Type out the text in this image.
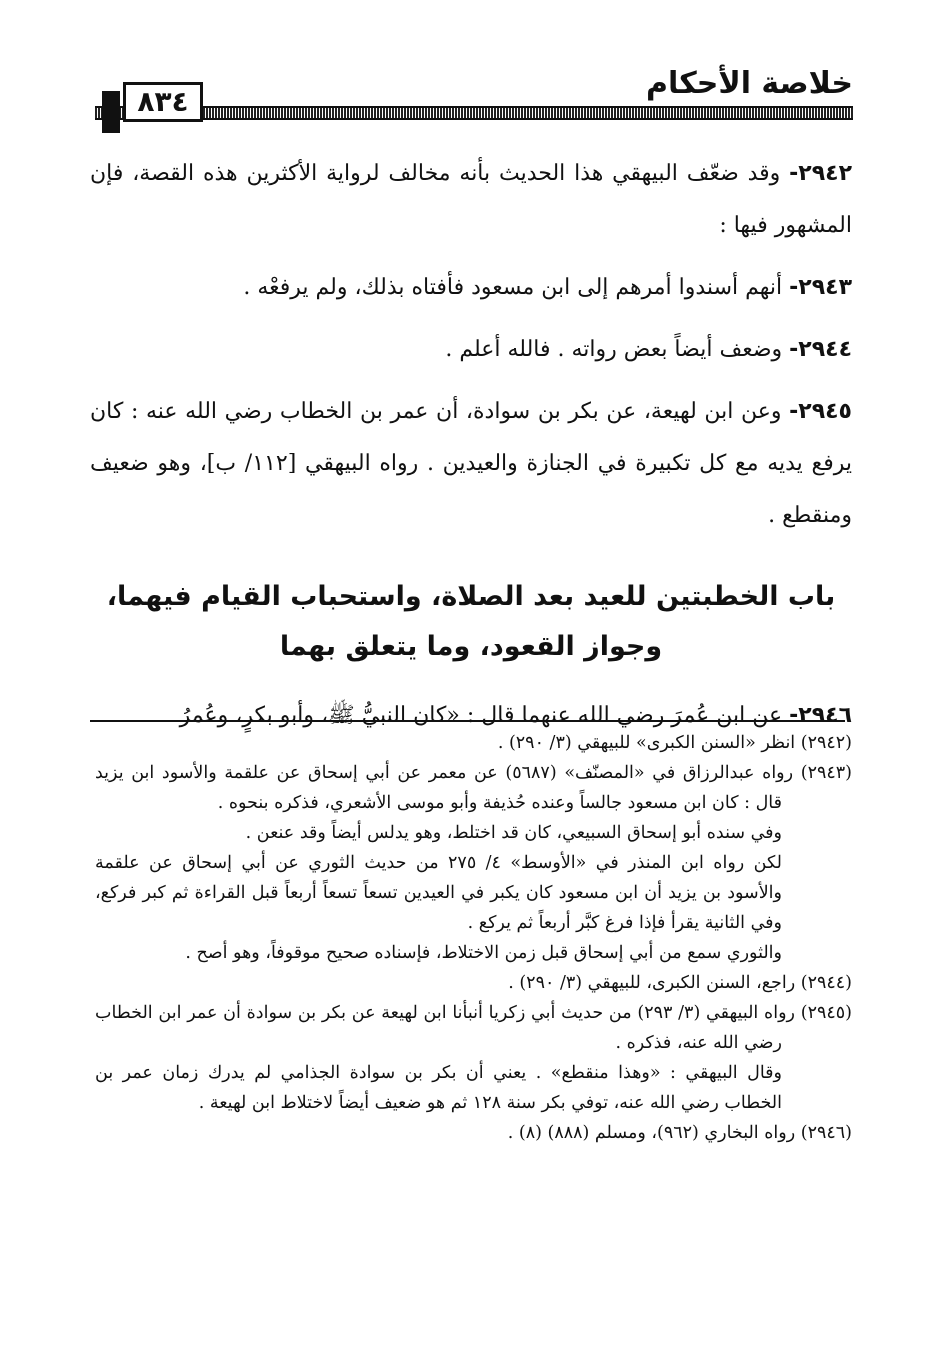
خلاصة الأحكام
٨٣٤

٢٩٤٢- وقد ضعّف البيهقي هذا الحديث بأنه مخالف لرواية الأكثرين هذه القصة، فإن المشهور فيها :

٢٩٤٣- أنهم أسندوا أمرهم إلى ابن مسعود فأفتاه بذلك، ولم يرفعْه .

٢٩٤٤- وضعف أيضاً بعض رواته . فالله أعلم .

٢٩٤٥- وعن ابن لهيعة، عن بكر بن سوادة، أن عمر بن الخطاب رضي الله عنه : كان يرفع يديه مع كل تكبيرة في الجنازة والعيدين . رواه البيهقي [١١٢/ ب]، وهو ضعيف ومنقطع .

باب الخطبتين للعيد بعد الصلاة، واستحباب القيام فيهما،
وجواز القعود، وما يتعلق بهما

٢٩٤٦- عن ابن عُمرَ رضي الله عنهما قال : «كان النبيُّ ﷺ، وأبو بكرٍ، وعُمرُ

(٢٩٤٢) انظر «السنن الكبرى» للبيهقي (٣/ ٢٩٠) .

(٢٩٤٣) رواه عبدالرزاق في «المصنّف» (٥٦٨٧) عن معمر عن أبي إسحاق عن علقمة والأسود ابن يزيد قال : كان ابن مسعود جالساً وعنده حُذيفة وأبو موسى الأشعري، فذكره بنحوه .

وفي سنده أبو إسحاق السبيعي، كان قد اختلط، وهو يدلس أيضاً وقد عنعن .

لكن رواه ابن المنذر في «الأوسط» ٤/ ٢٧٥ من حديث الثوري عن أبي إسحاق عن علقمة والأسود بن يزيد أن ابن مسعود كان يكبر في العيدين تسعاً تسعاً أربعاً قبل القراءة ثم كبر فركع، وفي الثانية يقرأ فإذا فرغ كبَّر أربعاً ثم يركع .

والثوري سمع من أبي إسحاق قبل زمن الاختلاط، فإسناده صحيح موقوفاً، وهو أصح .

(٢٩٤٤) راجع، السنن الكبرى، للبيهقي (٣/ ٢٩٠) .

(٢٩٤٥) رواه البيهقي (٣/ ٢٩٣) من حديث أبي زكريا أنبأنا ابن لهيعة عن بكر بن سوادة أن عمر ابن الخطاب رضي الله عنه، فذكره .

وقال البيهقي : «وهذا منقطع» . يعني أن بكر بن سوادة الجذامي لم يدرك زمان عمر بن الخطاب رضي الله عنه، توفي بكر سنة ١٢٨ ثم هو ضعيف أيضاً لاختلاط ابن لهيعة .

(٢٩٤٦) رواه البخاري (٩٦٢)، ومسلم (٨٨٨) (٨) .
